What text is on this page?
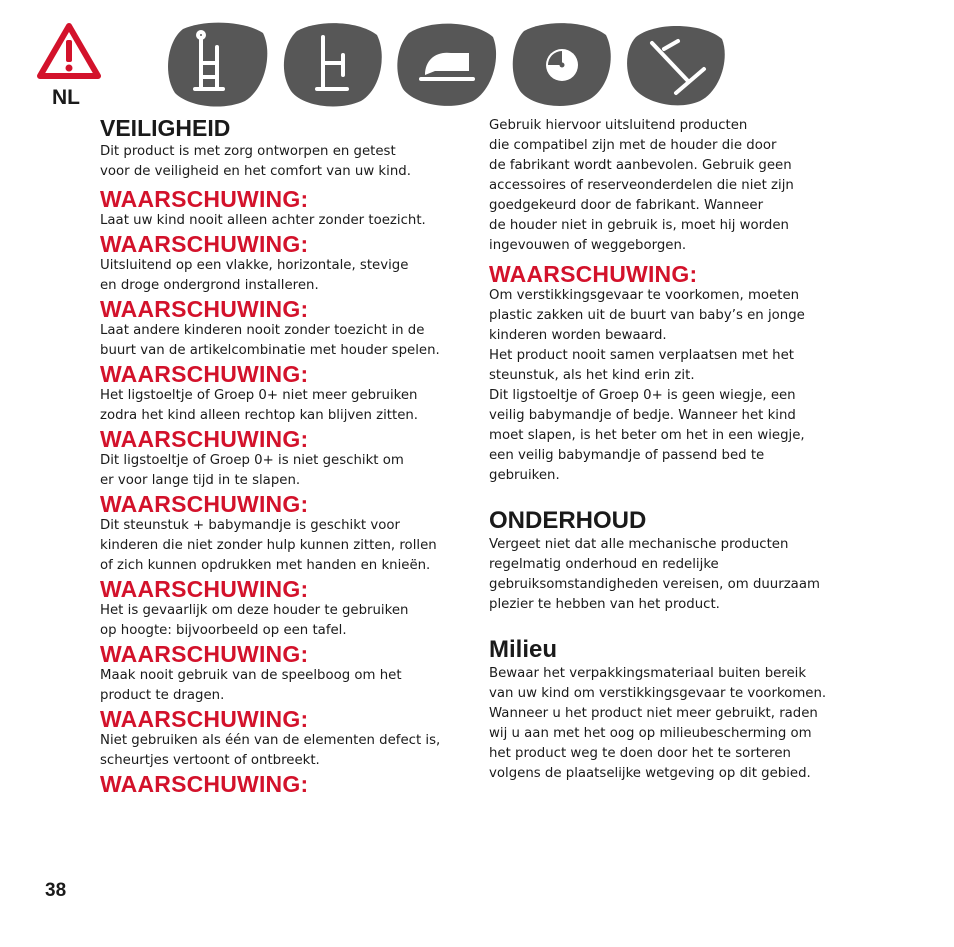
NL
VEILIGHEID

Dit product is met zorg ontworpen en getest
voor de veiligheid en het comfort van uw kind.

WAARSCHUWING:

Laat uw kind nooit alleen achter zonder toezicht.

WAARSCHUWING:

Uitsluitend op een vlakke, horizontale, stevige
en droge ondergrond installeren.

WAARSCHUWING:

Laat andere kinderen nooit zonder toezicht in de
buurt van de artikelcombinatie met houder spelen.

WAARSCHUWING:

Het ligstoeltje of Groep 0+ niet meer gebruiken
zodra het kind alleen rechtop kan blijven zitten.

WAARSCHUWING:

Dit ligstoeltje of Groep 0+ is niet geschikt om
er voor lange tijd in te slapen.

WAARSCHUWING:

Dit steunstuk + babymandje is geschikt voor
kinderen die niet zonder hulp kunnen zitten, rollen
of zich kunnen opdrukken met handen en knieën.

WAARSCHUWING:

Het is gevaarlijk om deze houder te gebruiken
op hoogte: bijvoorbeeld op een tafel.

WAARSCHUWING:

Maak nooit gebruik van de speelboog om het
product te dragen.

WAARSCHUWING:

Niet gebruiken als één van de elementen defect is,
scheurtjes vertoont of ontbreekt.

WAARSCHUWING:

Gebruik hiervoor uitsluitend producten
die compatibel zijn met de houder die door
de fabrikant wordt aanbevolen. Gebruik geen
accessoires of reserveonderdelen die niet zijn
goedgekeurd door de fabrikant. Wanneer
de houder niet in gebruik is, moet hij worden
ingevouwen of weggeborgen.

WAARSCHUWING:

Om verstikkingsgevaar te voorkomen, moeten
plastic zakken uit de buurt van baby’s en jonge
kinderen worden bewaard.
Het product nooit samen verplaatsen met het
steunstuk, als het kind erin zit.
Dit ligstoeltje of Groep 0+ is geen wiegje, een
veilig babymandje of bedje. Wanneer het kind
moet slapen, is het beter om het in een wiegje,
een veilig babymandje of passend bed te
gebruiken.

ONDERHOUD

Vergeet niet dat alle mechanische producten
regelmatig onderhoud en redelijke
gebruiksomstandigheden vereisen, om duurzaam
plezier te hebben van het product.

Milieu

Bewaar het verpakkingsmateriaal buiten bereik
van uw kind om verstikkingsgevaar te voorkomen.
Wanneer u het product niet meer gebruikt, raden
wij u aan met het oog op milieubescherming om
het product weg te doen door het te sorteren
volgens de plaatselijke wetgeving op dit gebied.

38
